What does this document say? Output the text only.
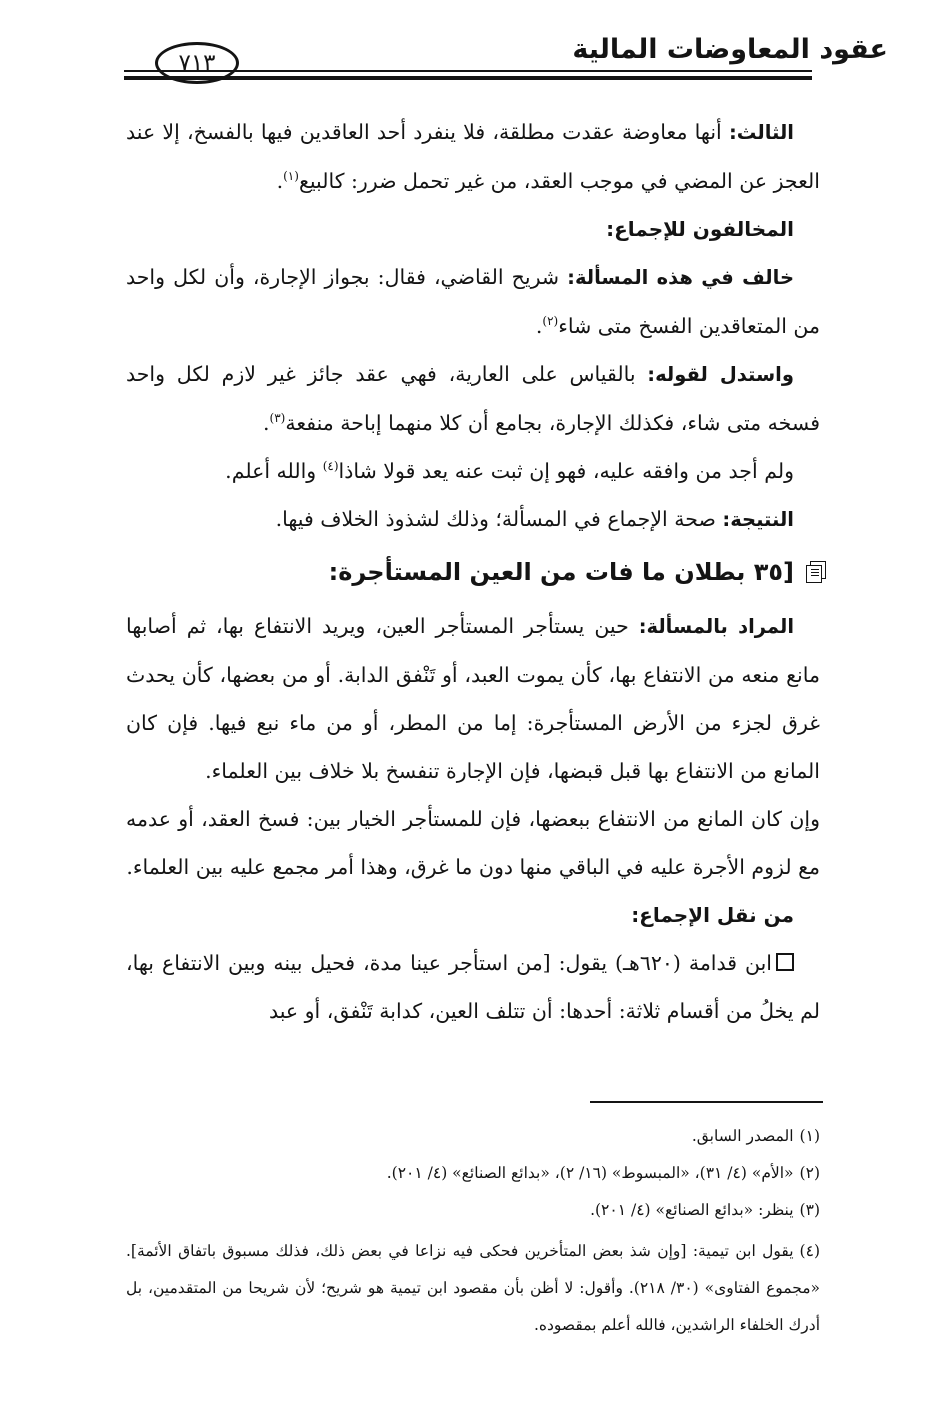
عقود المعاوضات المالية
٧١٣

الثالث: أنها معاوضة عقدت مطلقة، فلا ينفرد أحد العاقدين فيها بالفسخ، إلا عند العجز عن المضي في موجب العقد، من غير تحمل ضرر: كالبيع$^{(١)}$.

المخالفون للإجماع:

خالف في هذه المسألة: شريح القاضي، فقال: بجواز الإجارة، وأن لكل واحد من المتعاقدين الفسخ متى شاء$^{(٢)}$.

واستدل لقوله: بالقياس على العارية، فهي عقد جائز غير لازم لكل واحد فسخه متى شاء، فكذلك الإجارة، بجامع أن كلا منهما إباحة منفعة$^{(٣)}$.

ولم أجد من وافقه عليه، فهو إن ثبت عنه يعد قولا شاذا$^{(٤)}$ والله أعلم.

النتيجة: صحة الإجماع في المسألة؛ وذلك لشذوذ الخلاف فيها.

[٣٥ بطلان ما فات من العين المستأجرة:

المراد بالمسألة: حين يستأجر المستأجر العين، ويريد الانتفاع بها، ثم أصابها مانع منعه من الانتفاع بها، كأن يموت العبد، أو تَنْفق الدابة. أو من بعضها، كأن يحدث غرق لجزء من الأرض المستأجرة: إما من المطر، أو من ماء نبع فيها. فإن كان المانع من الانتفاع بها قبل قبضها، فإن الإجارة تنفسخ بلا خلاف بين العلماء.

وإن كان المانع من الانتفاع ببعضها، فإن للمستأجر الخيار بين: فسخ العقد، أو عدمه مع لزوم الأجرة عليه في الباقي منها دون ما غرق، وهذا أمر مجمع عليه بين العلماء.

من نقل الإجماع:

ابن قدامة (٦٢٠هـ) يقول: [من استأجر عينا مدة، فحيل بينه وبين الانتفاع بها، لم يخلُ من أقسام ثلاثة: أحدها: أن تتلف العين، كدابة تَنْفق، أو عبد

(١)المصدر السابق.

(٢)«الأم» (٤/ ٣١)، «المبسوط» (١٦/ ٢)، «بدائع الصنائع» (٤/ ٢٠١).

(٣)ينظر: «بدائع الصنائع» (٤/ ٢٠١).

(٤)يقول ابن تيمية: [وإن شذ بعض المتأخرين فحكى فيه نزاعا في بعض ذلك، فذلك مسبوق باتفاق الأئمة]. «مجموع الفتاوى» (٣٠/ ٢١٨). وأقول: لا أظن بأن مقصود ابن تيمية هو شريح؛ لأن شريحا من المتقدمين، بل أدرك الخلفاء الراشدين، فالله أعلم بمقصوده.
